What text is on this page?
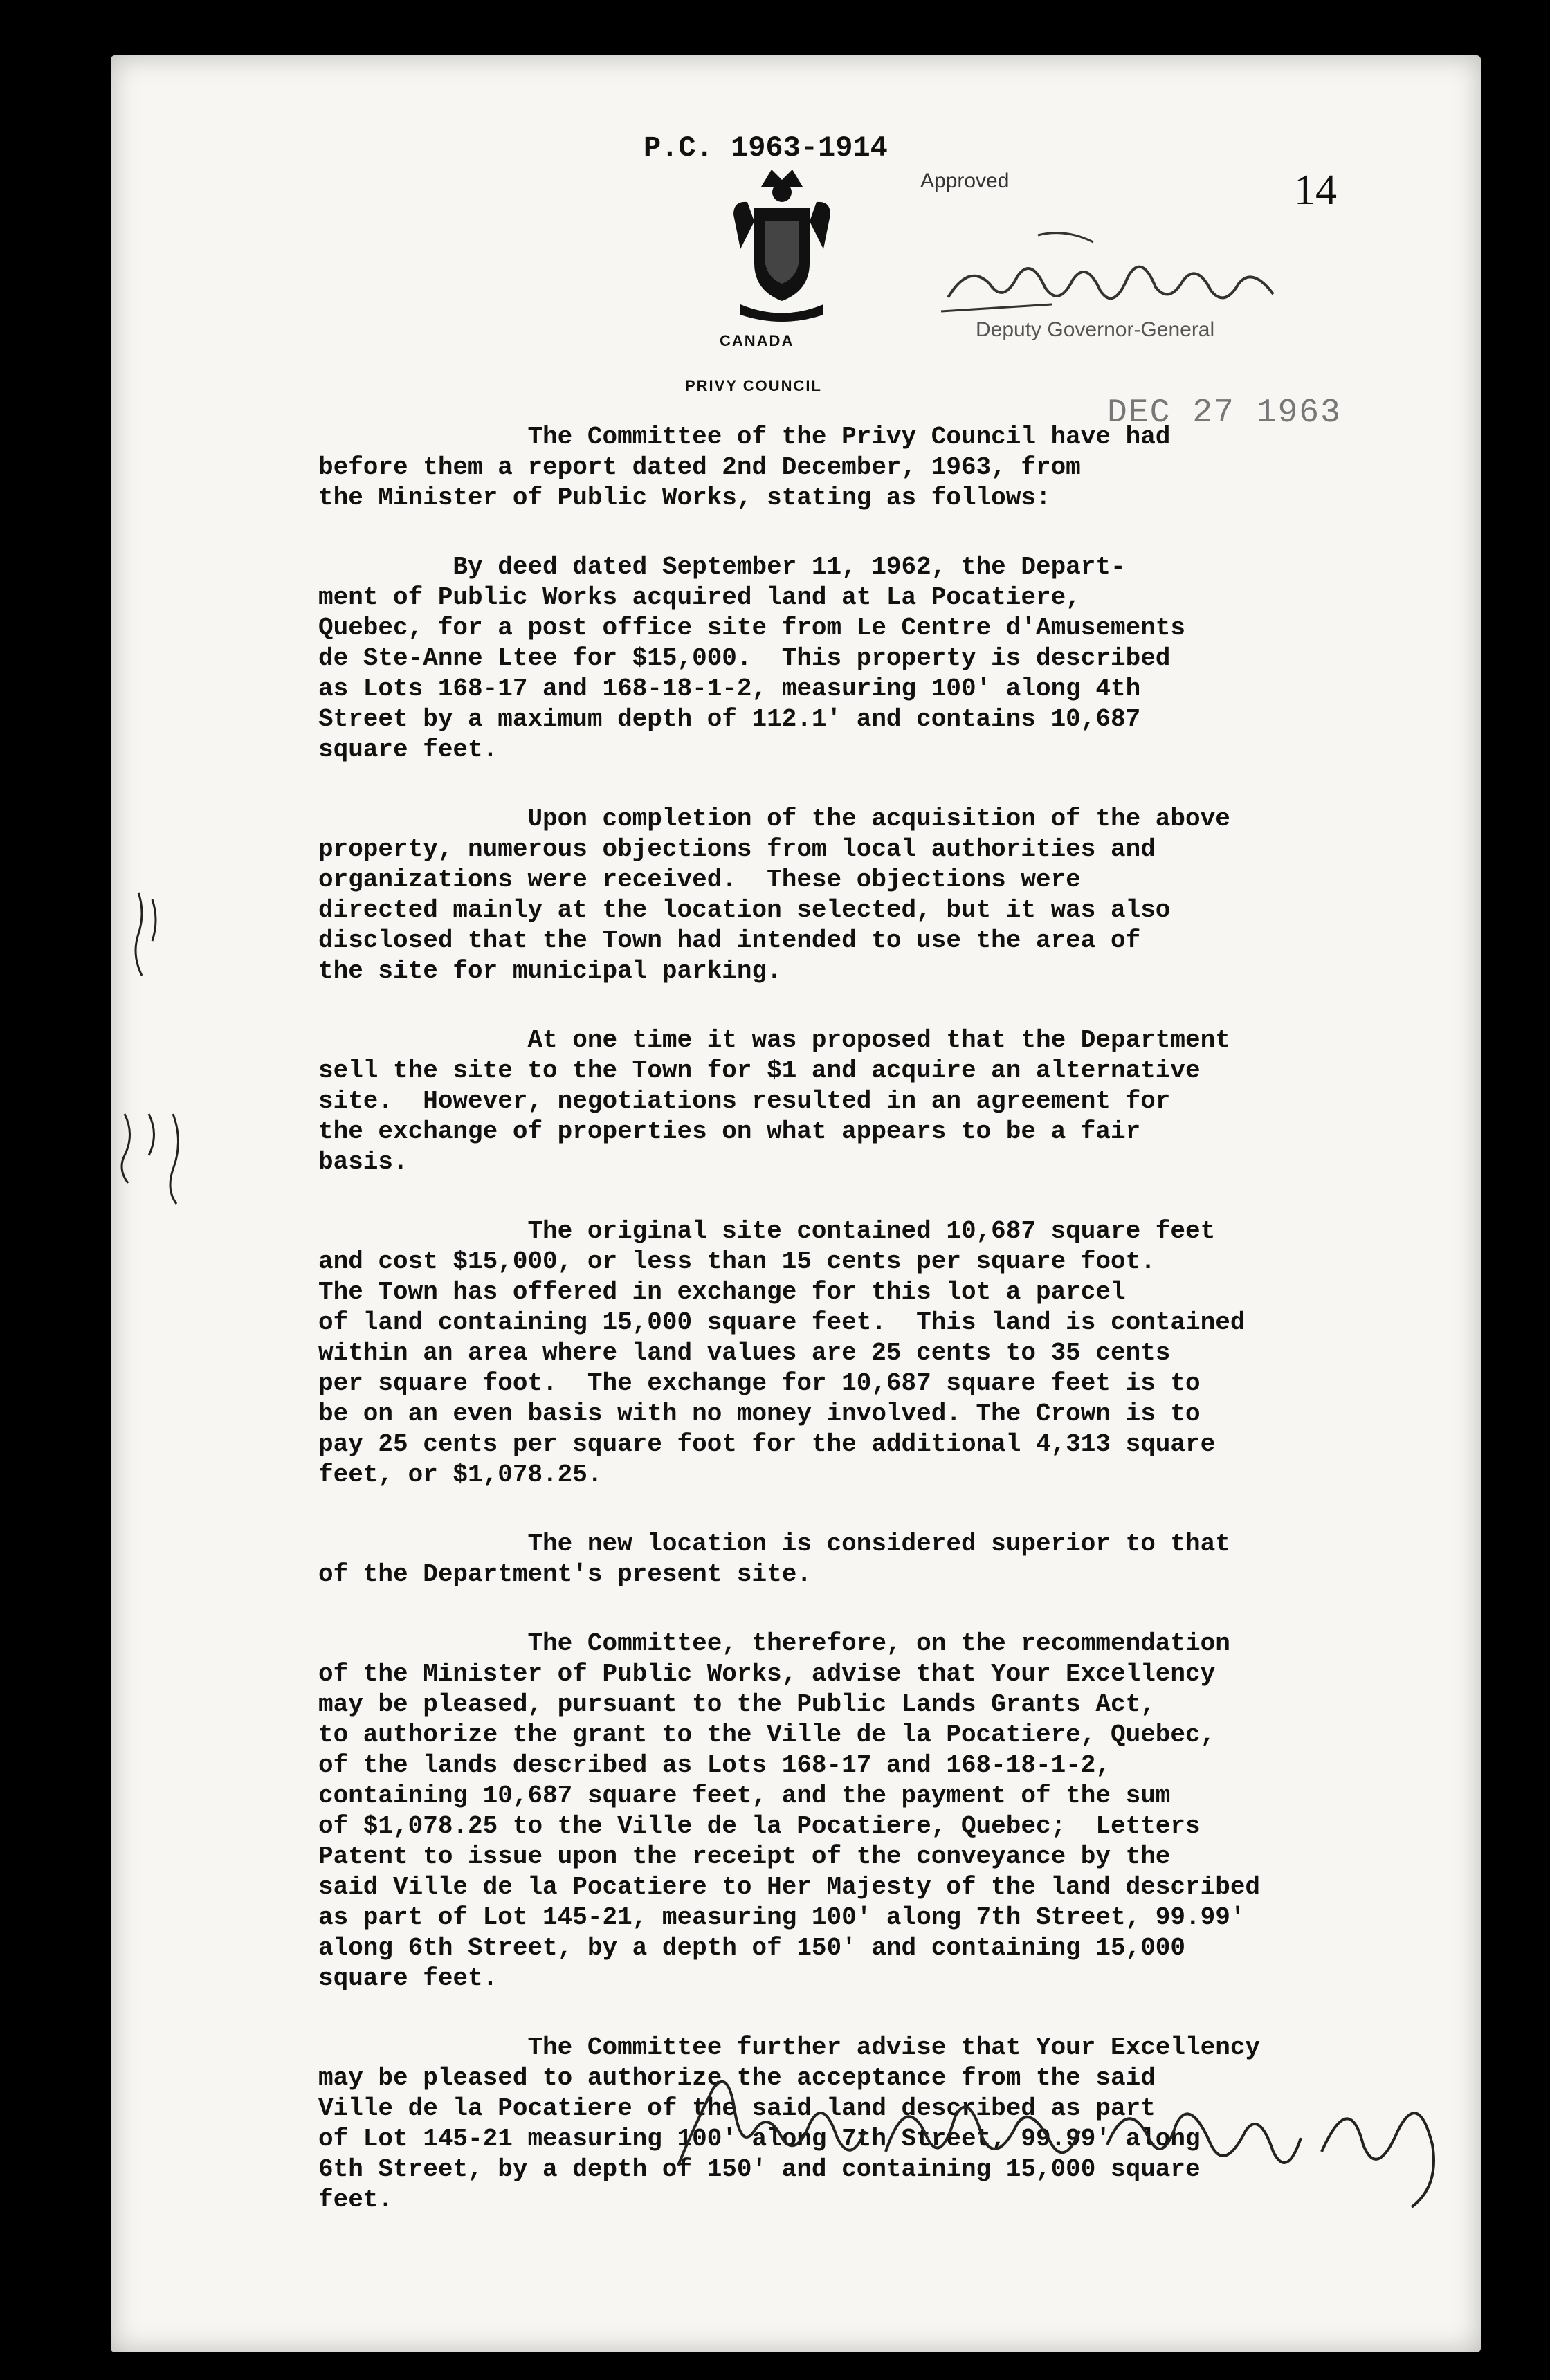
P.C. 1963-1914
14
Approved
Deputy Governor-General
CANADA
PRIVY COUNCIL
DEC 27 1963

The Committee of the Privy Council have had
before them a report dated 2nd December, 1963, from
the Minister of Public Works, stating as follows:

By deed dated September 11, 1962, the Depart-
ment of Public Works acquired land at La Pocatiere,
Quebec, for a post office site from Le Centre d'Amusements
de Ste-Anne Ltee for $15,000.  This property is described
as Lots 168-17 and 168-18-1-2, measuring 100' along 4th
Street by a maximum depth of 112.1' and contains 10,687
square feet.

Upon completion of the acquisition of the above
property, numerous objections from local authorities and
organizations were received.  These objections were
directed mainly at the location selected, but it was also
disclosed that the Town had intended to use the area of
the site for municipal parking.

At one time it was proposed that the Department
sell the site to the Town for $1 and acquire an alternative
site.  However, negotiations resulted in an agreement for
the exchange of properties on what appears to be a fair
basis.

The original site contained 10,687 square feet
and cost $15,000, or less than 15 cents per square foot.
The Town has offered in exchange for this lot a parcel
of land containing 15,000 square feet.  This land is contained
within an area where land values are 25 cents to 35 cents
per square foot.  The exchange for 10,687 square feet is to
be on an even basis with no money involved. The Crown is to
pay 25 cents per square foot for the additional 4,313 square
feet, or $1,078.25.

The new location is considered superior to that
of the Department's present site.

The Committee, therefore, on the recommendation
of the Minister of Public Works, advise that Your Excellency
may be pleased, pursuant to the Public Lands Grants Act,
to authorize the grant to the Ville de la Pocatiere, Quebec,
of the lands described as Lots 168-17 and 168-18-1-2,
containing 10,687 square feet, and the payment of the sum
of $1,078.25 to the Ville de la Pocatiere, Quebec;  Letters
Patent to issue upon the receipt of the conveyance by the
said Ville de la Pocatiere to Her Majesty of the land described
as part of Lot 145-21, measuring 100' along 7th Street, 99.99'
along 6th Street, by a depth of 150' and containing 15,000
square feet.

The Committee further advise that Your Excellency
may be pleased to authorize the acceptance from the said
Ville de la Pocatiere of the said land described as part
of Lot 145-21 measuring 100' along 7th Street, 99.99' along
6th Street, by a depth of 150' and containing 15,000 square
feet.
